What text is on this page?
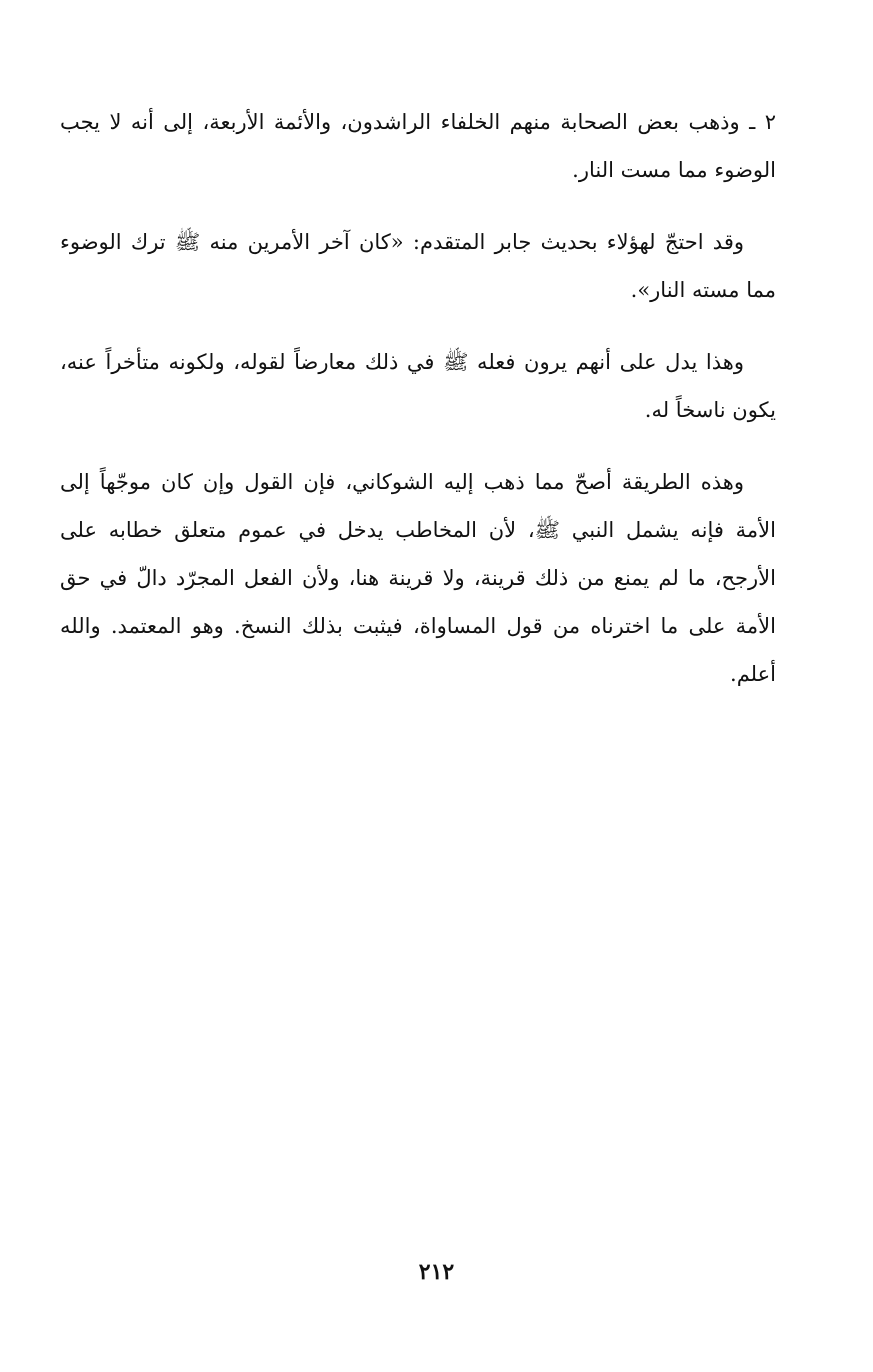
٢ ـ وذهب بعض الصحابة منهم الخلفاء الراشدون، والأئمة الأربعة، إلى أنه لا يجب الوضوء مما مست النار.

وقد احتجّ لهؤلاء بحديث جابر المتقدم: «كان آخر الأمرين منه ﷺ ترك الوضوء مما مسته النار».

وهذا يدل على أنهم يرون فعله ﷺ في ذلك معارضاً لقوله، ولكونه متأخراً عنه، يكون ناسخاً له.

وهذه الطريقة أصحّ مما ذهب إليه الشوكاني، فإن القول وإن كان موجّهاً إلى الأمة فإنه يشمل النبي ﷺ، لأن المخاطب يدخل في عموم متعلق خطابه على الأرجح، ما لم يمنع من ذلك قرينة، ولا قرينة هنا، ولأن الفعل المجرّد دالّ في حق الأمة على ما اخترناه من قول المساواة، فيثبت بذلك النسخ. وهو المعتمد. والله أعلم.

٢١٢
